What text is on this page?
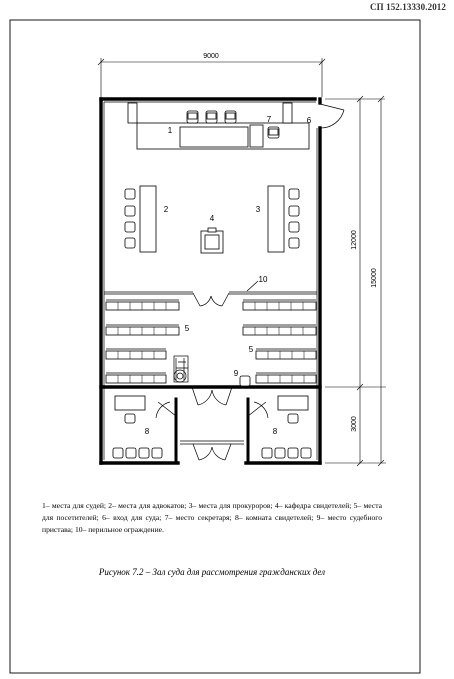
СП 152.13330.2012
9000
12000
15000
3000
6
1
7
2	3
4
10
5
5
9
8	8

1– места для судей; 2– места для адвокатов; 3– места для прокуроров; 4– кафедра свидетелей; 5– места для посетителей; 6– вход для суда; 7– место секретаря; 8– комната свидетелей; 9– место судебного пристава; 10– перильное ограждение.

Рисунок 7.2 – Зал суда для рассмотрения гражданских дел
